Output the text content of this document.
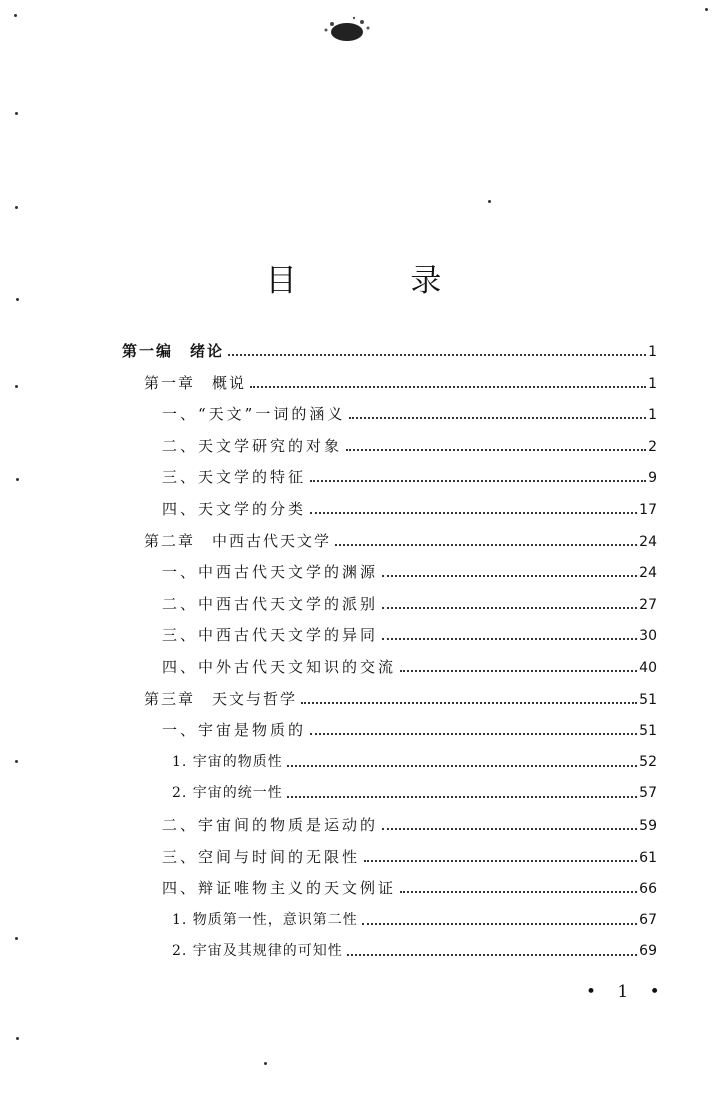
目 录
第一编　绪论	1
第一章　概说	1
一、“天文”一词的涵义	1
二、天文学研究的对象	2
三、天文学的特征	9
四、天文学的分类	17
第二章　中西古代天文学	24
一、中西古代天文学的渊源	24
二、中西古代天文学的派别	27
三、中西古代天文学的异同	30
四、中外古代天文知识的交流	40
第三章　天文与哲学	51
一、宇宙是物质的	51
1. 宇宙的物质性	52
2. 宇宙的统一性	57
二、宇宙间的物质是运动的	59
三、空间与时间的无限性	61
四、辩证唯物主义的天文例证	66
1. 物质第一性，意识第二性	67
2. 宇宙及其规律的可知性	69
• 1 •
